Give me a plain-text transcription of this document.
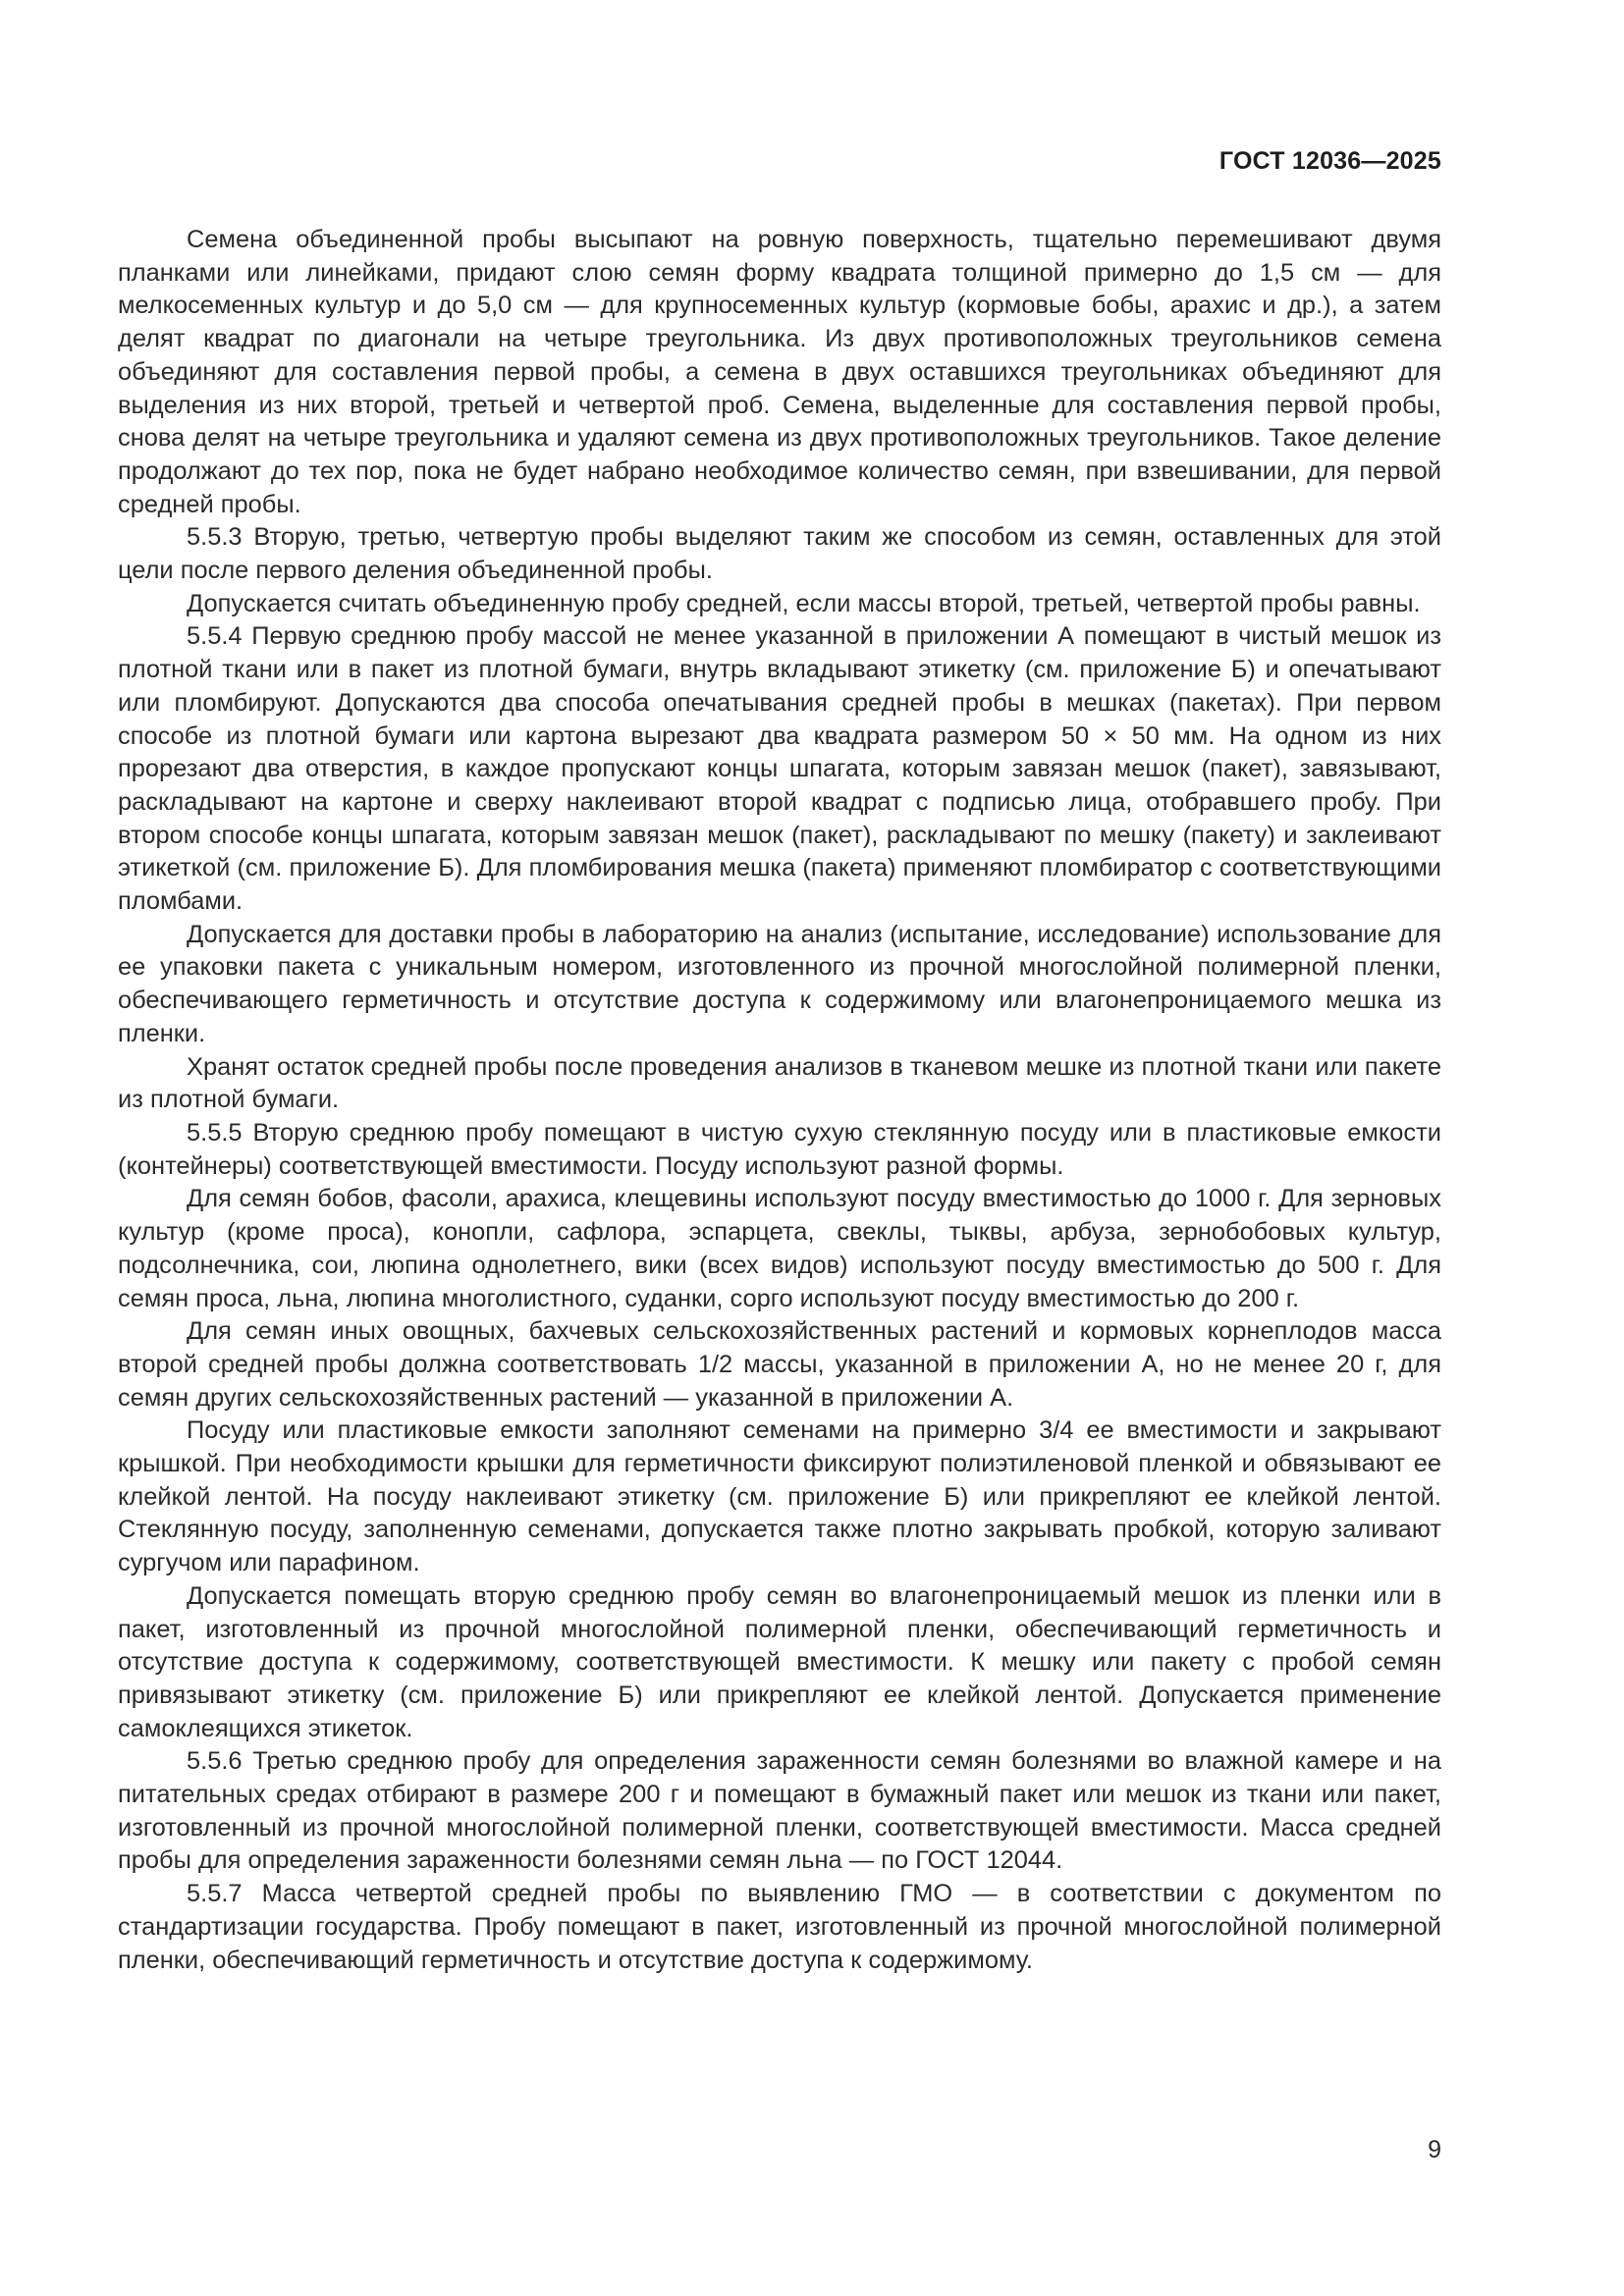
ГОСТ 12036—2025

Семена объединенной пробы высыпают на ровную поверхность, тщательно перемешивают двумя планками или линейками, придают слою семян форму квадрата толщиной примерно до 1,5 см — для мелкосеменных культур и до 5,0 см — для крупносеменных культур (кормовые бобы, арахис и др.), а затем делят квадрат по диагонали на четыре треугольника. Из двух противоположных треугольников семена объединяют для составления первой пробы, а семена в двух оставшихся треугольниках объединяют для выделения из них второй, третьей и четвертой проб. Семена, выделенные для составления первой пробы, снова делят на четыре треугольника и удаляют семена из двух противоположных треугольников. Такое деление продолжают до тех пор, пока не будет набрано необходимое количество семян, при взвешивании, для первой средней пробы.

5.5.3 Вторую, третью, четвертую пробы выделяют таким же способом из семян, оставленных для этой цели после первого деления объединенной пробы.

Допускается считать объединенную пробу средней, если массы второй, третьей, четвертой пробы равны.

5.5.4 Первую среднюю пробу массой не менее указанной в приложении А помещают в чистый мешок из плотной ткани или в пакет из плотной бумаги, внутрь вкладывают этикетку (см. приложение Б) и опечатывают или пломбируют. Допускаются два способа опечатывания средней пробы в мешках (пакетах). При первом способе из плотной бумаги или картона вырезают два квадрата размером 50 × 50 мм. На одном из них прорезают два отверстия, в каждое пропускают концы шпагата, которым завязан мешок (пакет), завязывают, раскладывают на картоне и сверху наклеивают второй квадрат с подписью лица, отобравшего пробу. При втором способе концы шпагата, которым завязан мешок (пакет), раскладывают по мешку (пакету) и заклеивают этикеткой (см. приложение Б). Для пломбирования мешка (пакета) применяют пломбиратор с соответствующими пломбами.

Допускается для доставки пробы в лабораторию на анализ (испытание, исследование) использование для ее упаковки пакета с уникальным номером, изготовленного из прочной многослойной полимерной пленки, обеспечивающего герметичность и отсутствие доступа к содержимому или влагонепроницаемого мешка из пленки.

Хранят остаток средней пробы после проведения анализов в тканевом мешке из плотной ткани или пакете из плотной бумаги.

5.5.5 Вторую среднюю пробу помещают в чистую сухую стеклянную посуду или в пластиковые емкости (контейнеры) соответствующей вместимости. Посуду используют разной формы.

Для семян бобов, фасоли, арахиса, клещевины используют посуду вместимостью до 1000 г. Для зерновых культур (кроме проса), конопли, сафлора, эспарцета, свеклы, тыквы, арбуза, зернобобовых культур, подсолнечника, сои, люпина однолетнего, вики (всех видов) используют посуду вместимостью до 500 г. Для семян проса, льна, люпина многолистного, суданки, сорго используют посуду вместимостью до 200 г.

Для семян иных овощных, бахчевых сельскохозяйственных растений и кормовых корнеплодов масса второй средней пробы должна соответствовать 1/2 массы, указанной в приложении А, но не менее 20 г, для семян других сельскохозяйственных растений — указанной в приложении А.

Посуду или пластиковые емкости заполняют семенами на примерно 3/4 ее вместимости и закрывают крышкой. При необходимости крышки для герметичности фиксируют полиэтиленовой пленкой и обвязывают ее клейкой лентой. На посуду наклеивают этикетку (см. приложение Б) или прикрепляют ее клейкой лентой. Стеклянную посуду, заполненную семенами, допускается также плотно закрывать пробкой, которую заливают сургучом или парафином.

Допускается помещать вторую среднюю пробу семян во влагонепроницаемый мешок из пленки или в пакет, изготовленный из прочной многослойной полимерной пленки, обеспечивающий герметичность и отсутствие доступа к содержимому, соответствующей вместимости. К мешку или пакету с пробой семян привязывают этикетку (см. приложение Б) или прикрепляют ее клейкой лентой. Допускается применение самоклеящихся этикеток.

5.5.6 Третью среднюю пробу для определения зараженности семян болезнями во влажной камере и на питательных средах отбирают в размере 200 г и помещают в бумажный пакет или мешок из ткани или пакет, изготовленный из прочной многослойной полимерной пленки, соответствующей вместимости. Масса средней пробы для определения зараженности болезнями семян льна — по ГОСТ 12044.

5.5.7 Масса четвертой средней пробы по выявлению ГМО — в соответствии с документом по стандартизации государства. Пробу помещают в пакет, изготовленный из прочной многослойной полимерной пленки, обеспечивающий герметичность и отсутствие доступа к содержимому.

9
